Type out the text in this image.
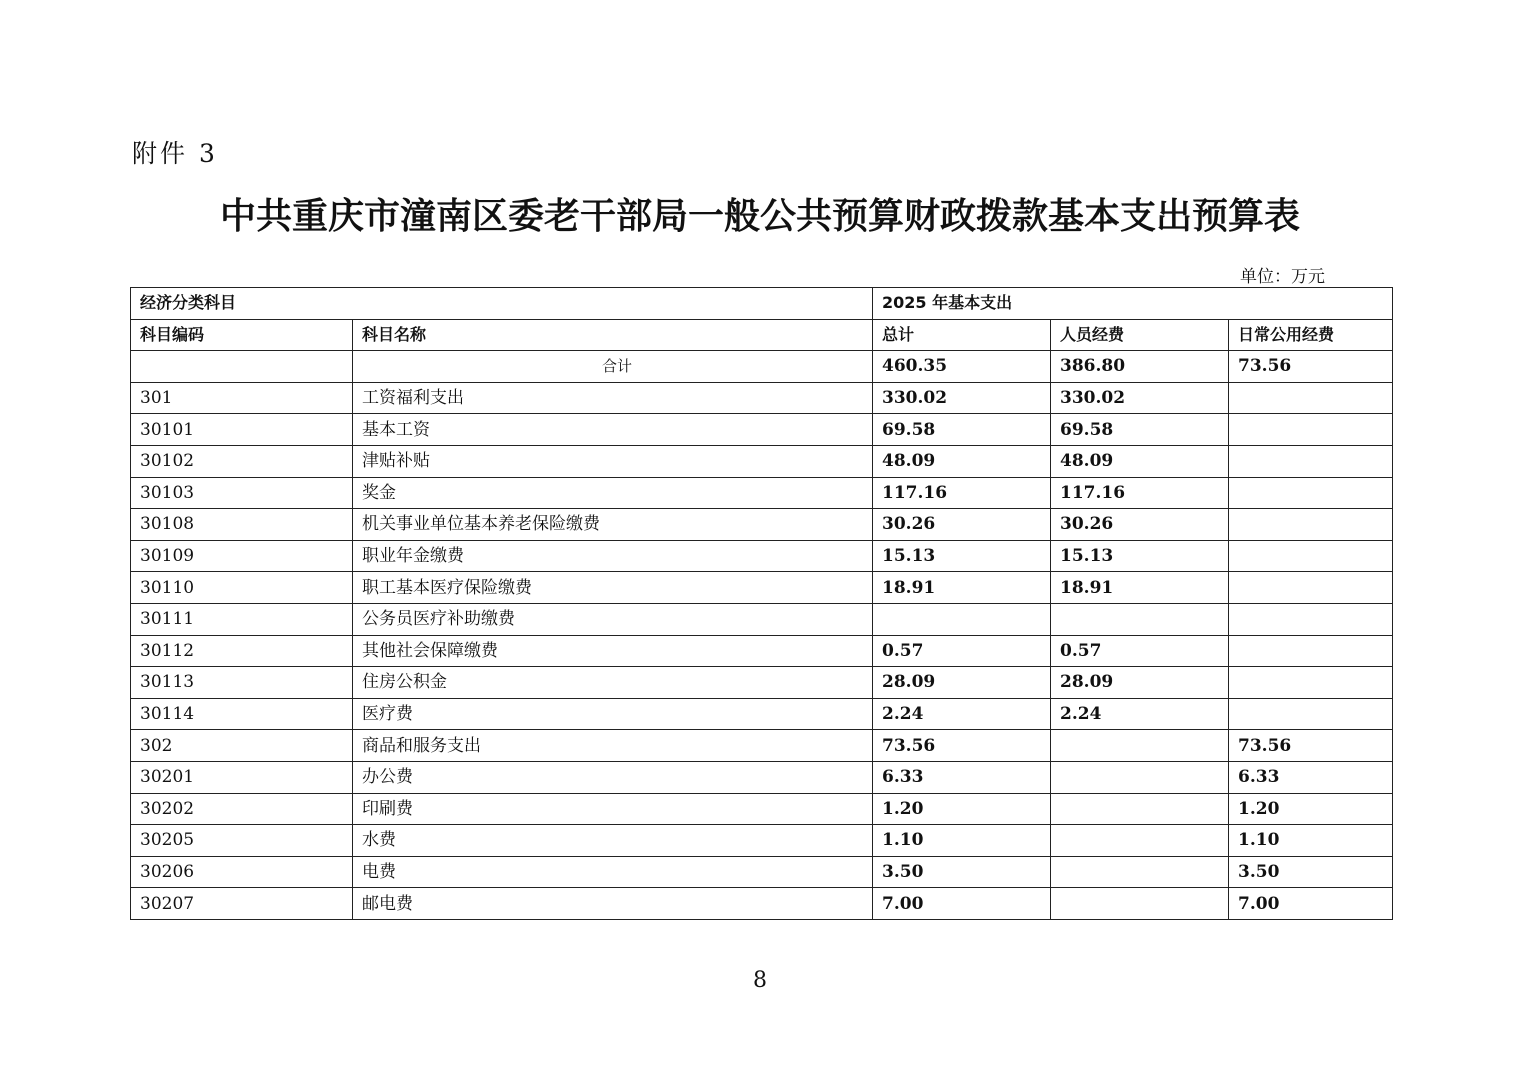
附件 3
中共重庆市潼南区委老干部局一般公共预算财政拨款基本支出预算表
单位：万元
经济分类科目		2025 年基本支出		
科目编码	科目名称	总计	人员经费	日常公用经费
	合计	460.35	386.80	73.56
301	工资福利支出	330.02	330.02	
30101	基本工资	69.58	69.58	
30102	津贴补贴	48.09	48.09	
30103	奖金	117.16	117.16	
30108	机关事业单位基本养老保险缴费	30.26	30.26	
30109	职业年金缴费	15.13	15.13	
30110	职工基本医疗保险缴费	18.91	18.91	
30111	公务员医疗补助缴费			
30112	其他社会保障缴费	0.57	0.57	
30113	住房公积金	28.09	28.09	
30114	医疗费	2.24	2.24	
302	商品和服务支出	73.56		73.56
30201	办公费	6.33		6.33
30202	印刷费	1.20		1.20
30205	水费	1.10		1.10
30206	电费	3.50		3.50
30207	邮电费	7.00		7.00
8
